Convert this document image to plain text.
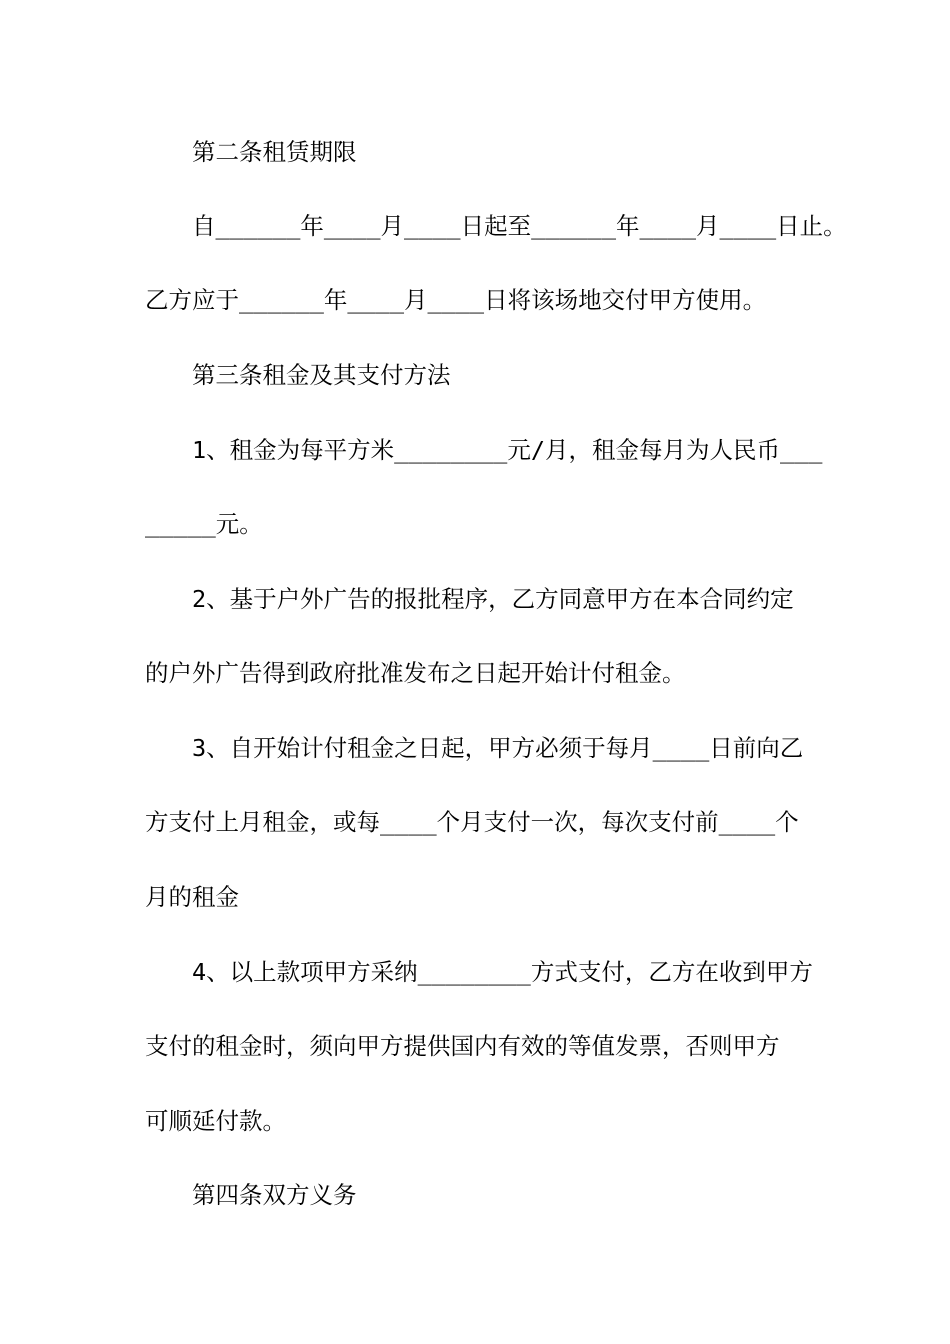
第二条租赁期限
自______年____月____日起至______年____月____日止。
乙方应于______年____月____日将该场地交付甲方使用。
第三条租金及其支付方法
1、租金为每平方米________元/月，租金每月为人民币___
_____元。
2、基于户外广告的报批程序，乙方同意甲方在本合同约定
的户外广告得到政府批准发布之日起开始计付租金。
3、自开始计付租金之日起，甲方必须于每月____日前向乙
方支付上月租金，或每____个月支付一次，每次支付前____个
月的租金
4、以上款项甲方采纳________方式支付，乙方在收到甲方
支付的租金时，须向甲方提供国内有效的等值发票，否则甲方
可顺延付款。
第四条双方义务
